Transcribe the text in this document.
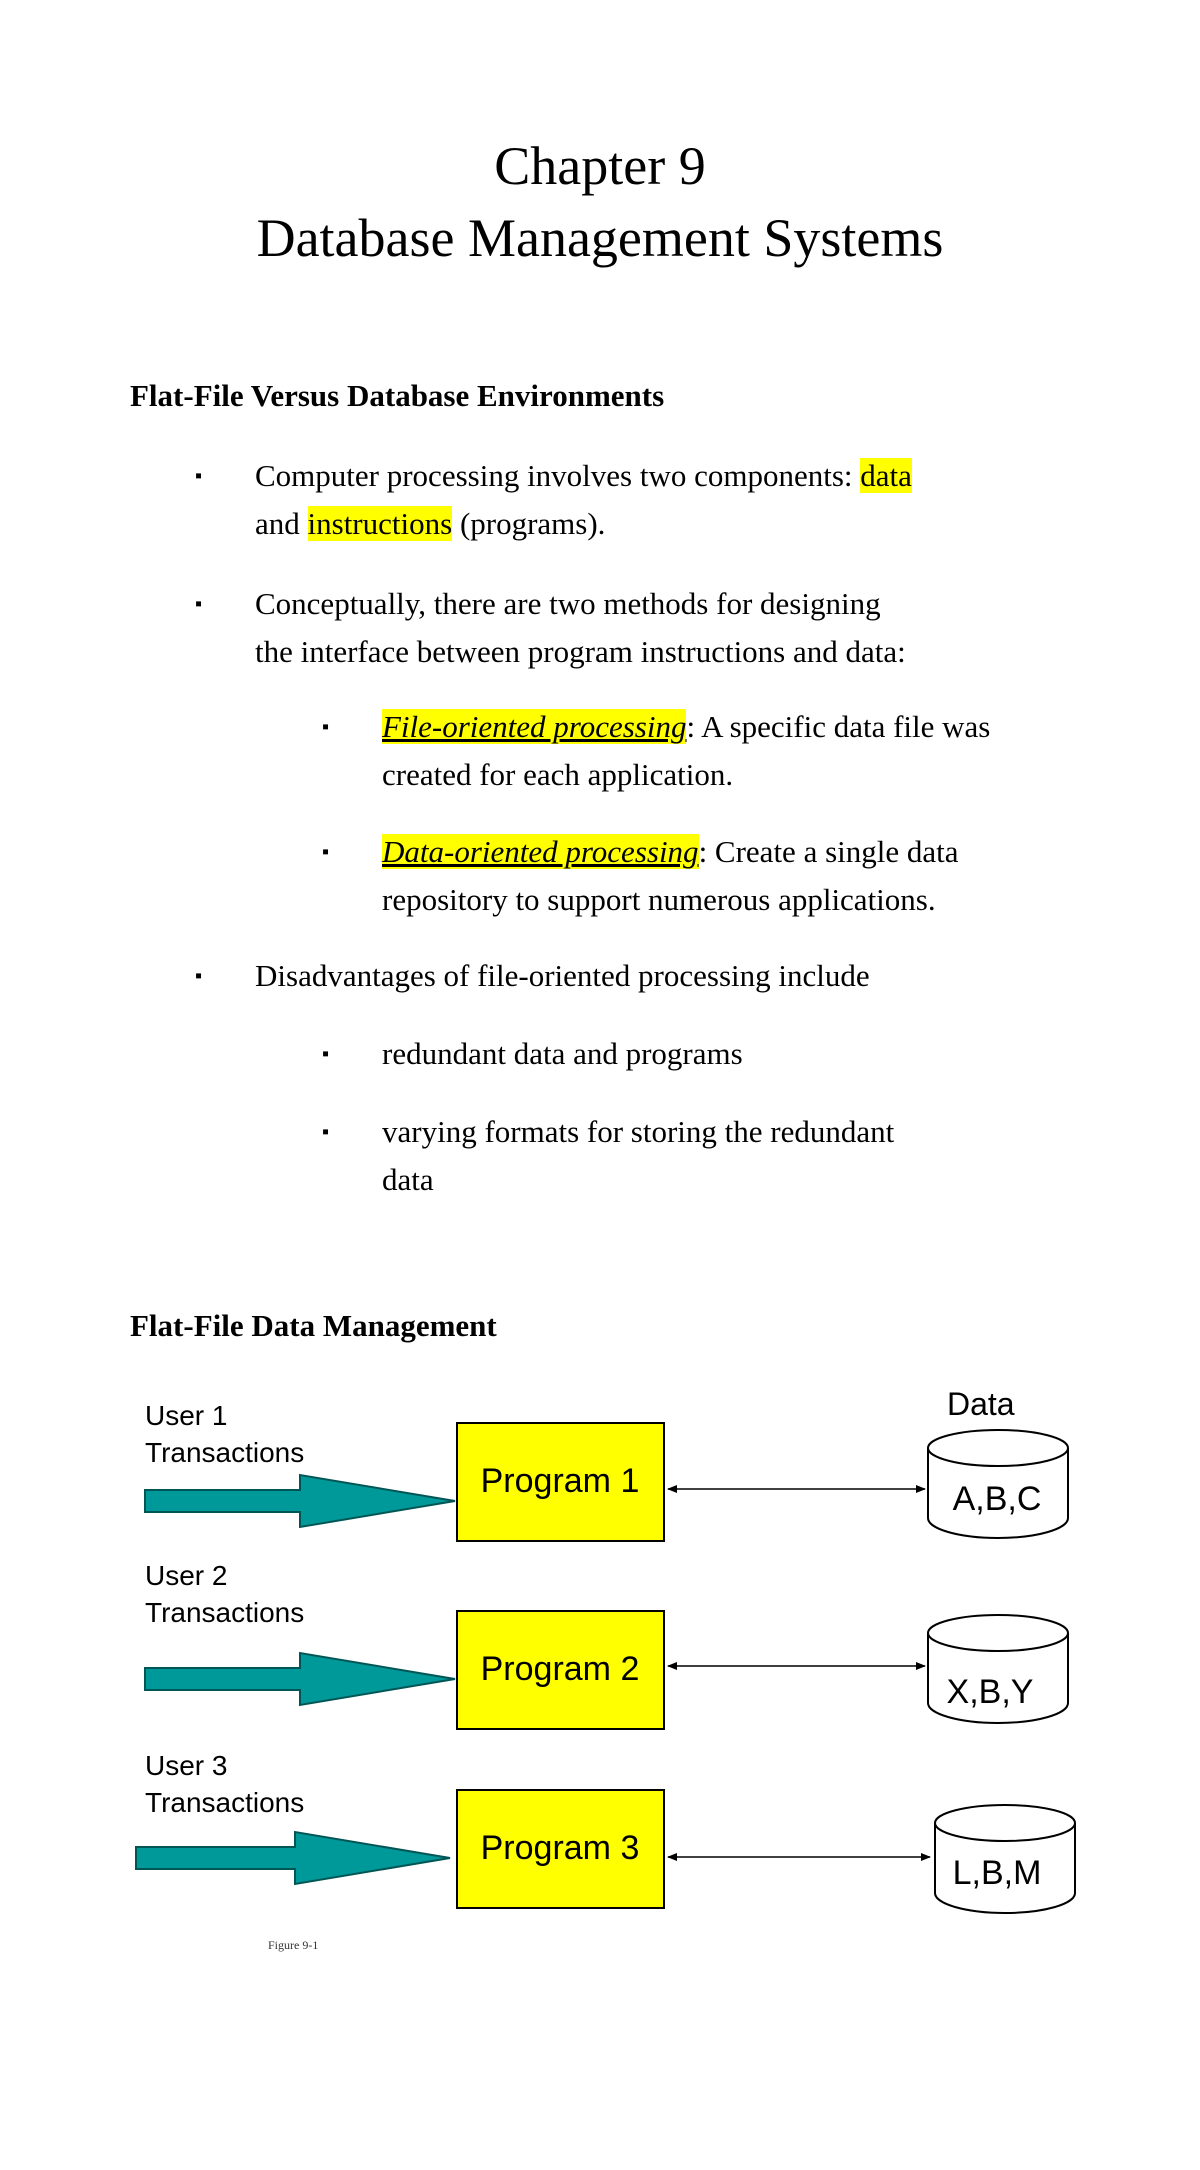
Chapter 9
Database Management Systems
Flat-File Versus Database Environments
▪ Computer processing involves two components: data
and instructions (programs).
▪ Conceptually, there are two methods for designing
the interface between program instructions and data:
▪ File-oriented processing: A specific data file was
created for each application.
▪ Data-oriented processing: Create a single data
repository to support numerous applications.
▪ Disadvantages of file-oriented processing include
▪ redundant data and programs
▪ varying formats for storing the redundant
data
Flat-File Data Management
Data
User 1
Transactions
Program 1	A,B,C
User 2
Transactions
Program 2
X,B,Y
User 3
Transactions
Program 3
L,B,M
Figure 9-1
